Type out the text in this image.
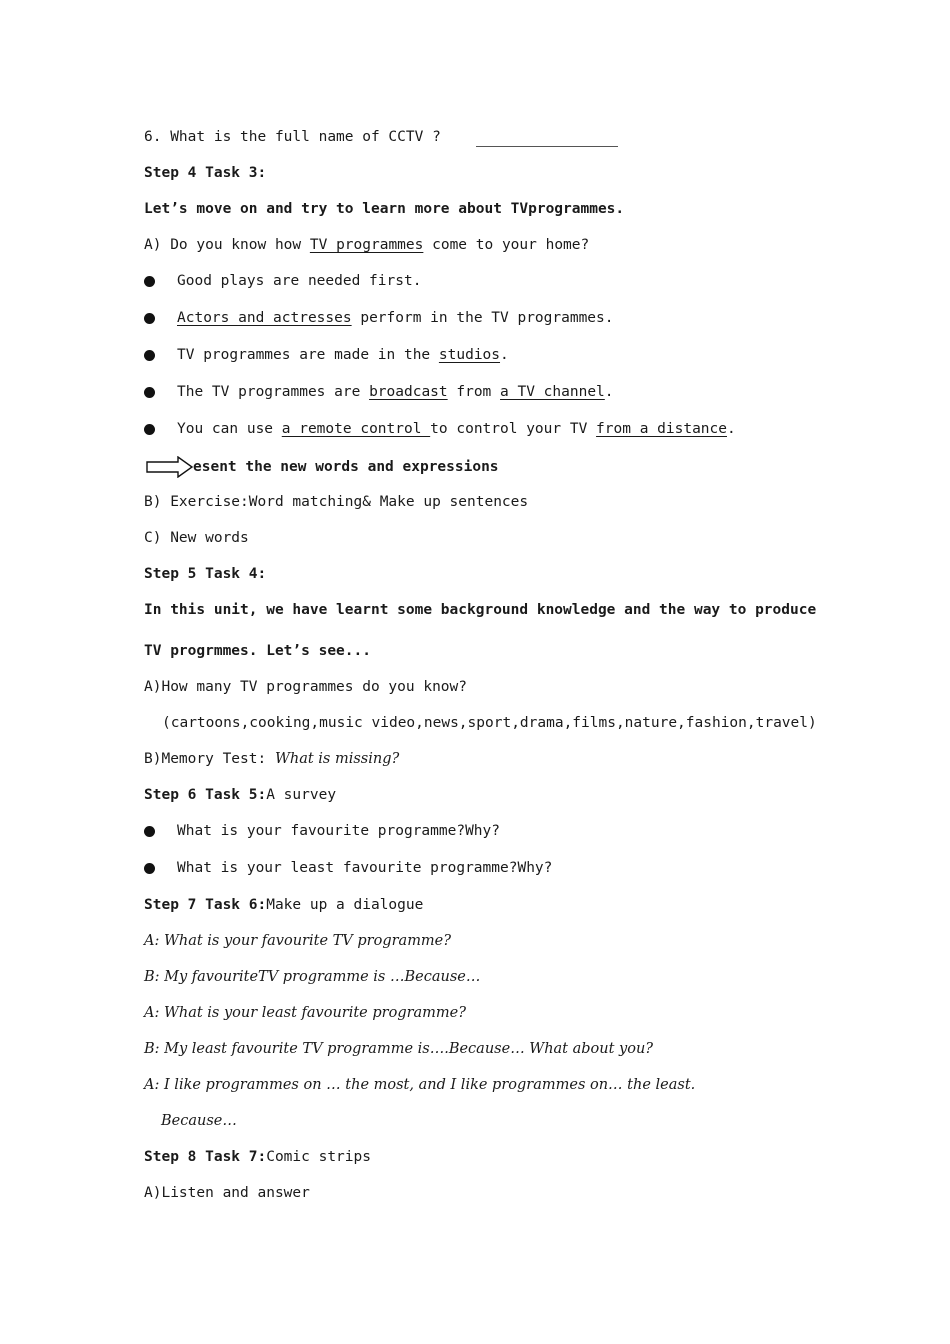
6. What is the full name of CCTV ?
Step 4 Task 3:
Let’s move on and try to learn more about TVprogrammes.
A) Do you know how TV programmes come to your home?
Good plays are needed first.
Actors and actresses perform in the TV programmes.
TV programmes are made in the studios.
The TV programmes are broadcast from a TV channel.
You can use a remote control to control your TV from a distance.
esent the new words and expressions
B) Exercise:Word matching& Make up sentences
C) New words
Step 5 Task 4:
In this unit, we have learnt some background knowledge and the way to produce
TV progrmmes. Let’s see...
A)How many TV programmes do you know?
(cartoons,cooking,music video,news,sport,drama,films,nature,fashion,travel)
B)Memory Test: What is missing?
Step 6 Task 5:A survey
What is your favourite programme?Why?
What is your least favourite programme?Why?
Step 7 Task 6:Make up a dialogue
A: What is your favourite TV programme?
B: My favouriteTV programme is …Because…
A: What is your least favourite programme?
B: My least favourite TV programme is….Because… What about you?
A: I like programmes on … the most, and I like programmes on… the least.
Because…
Step 8 Task 7:Comic strips
A)Listen and answer
